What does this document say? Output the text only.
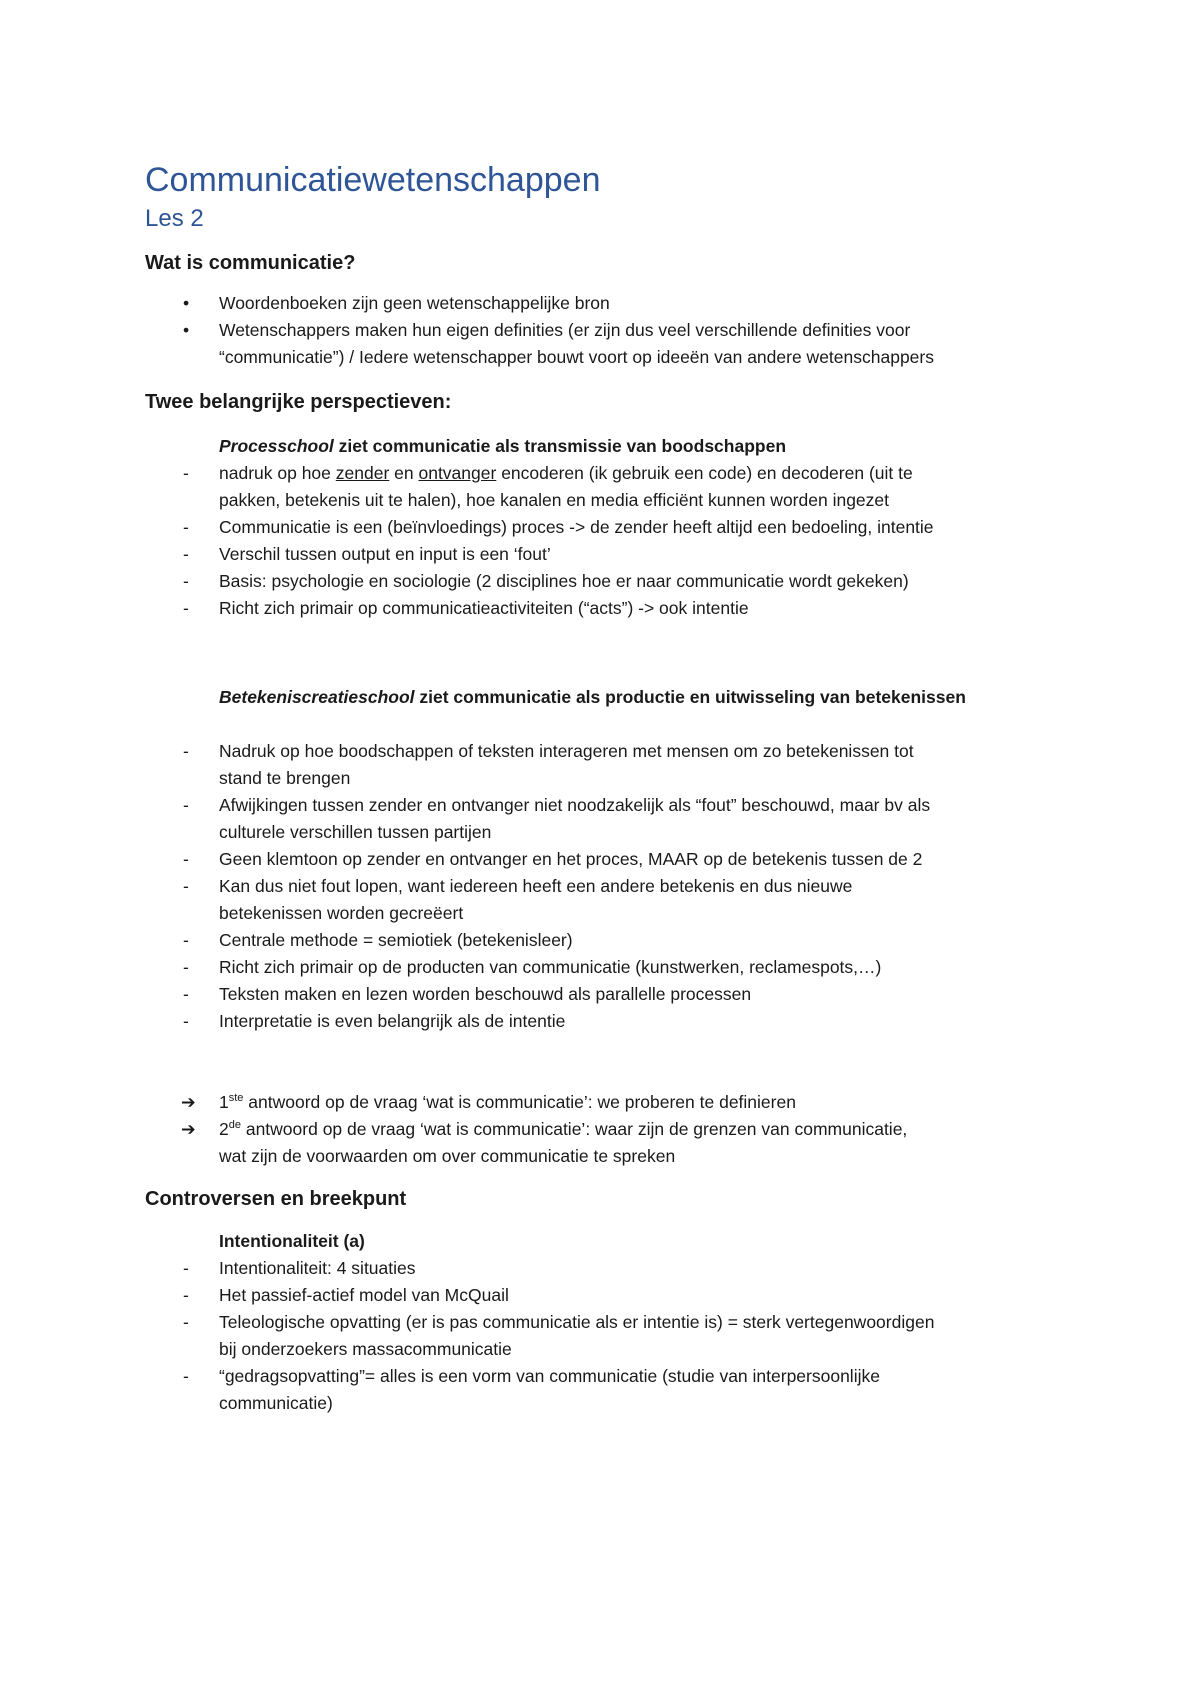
Communicatiewetenschappen
Les 2
Wat is communicatie?
• Woordenboeken zijn geen wetenschappelijke bron
• Wetenschappers maken hun eigen definities (er zijn dus veel verschillende definities voor
“communicatie”) / Iedere wetenschapper bouwt voort op ideeën van andere wetenschappers
Twee belangrijke perspectieven:
Processchool ziet communicatie als transmissie van boodschappen
- nadruk op hoe zender en ontvanger encoderen (ik gebruik een code) en decoderen (uit te
pakken, betekenis uit te halen), hoe kanalen en media efficiënt kunnen worden ingezet
- Communicatie is een (beïnvloedings) proces -> de zender heeft altijd een bedoeling, intentie
- Verschil tussen output en input is een ‘fout’
- Basis: psychologie en sociologie (2 disciplines hoe er naar communicatie wordt gekeken)
- Richt zich primair op communicatieactiviteiten (“acts”) -> ook intentie
Betekeniscreatieschool ziet communicatie als productie en uitwisseling van betekenissen
- Nadruk op hoe boodschappen of teksten interageren met mensen om zo betekenissen tot
stand te brengen
- Afwijkingen tussen zender en ontvanger niet noodzakelijk als “fout” beschouwd, maar bv als
culturele verschillen tussen partijen
- Geen klemtoon op zender en ontvanger en het proces, MAAR op de betekenis tussen de 2
- Kan dus niet fout lopen, want iedereen heeft een andere betekenis en dus nieuwe
betekenissen worden gecreëert
- Centrale methode = semiotiek (betekenisleer)
- Richt zich primair op de producten van communicatie (kunstwerken, reclamespots,…)
- Teksten maken en lezen worden beschouwd als parallelle processen
- Interpretatie is even belangrijk als de intentie
➔ 1ste antwoord op de vraag ‘wat is communicatie’: we proberen te definieren
➔ 2de antwoord op de vraag ‘wat is communicatie’: waar zijn de grenzen van communicatie,
wat zijn de voorwaarden om over communicatie te spreken
Controversen en breekpunt
Intentionaliteit (a)
- Intentionaliteit: 4 situaties
- Het passief-actief model van McQuail
- Teleologische opvatting (er is pas communicatie als er intentie is) = sterk vertegenwoordigen
bij onderzoekers massacommunicatie
- “gedragsopvatting”= alles is een vorm van communicatie (studie van interpersoonlijke
communicatie)
